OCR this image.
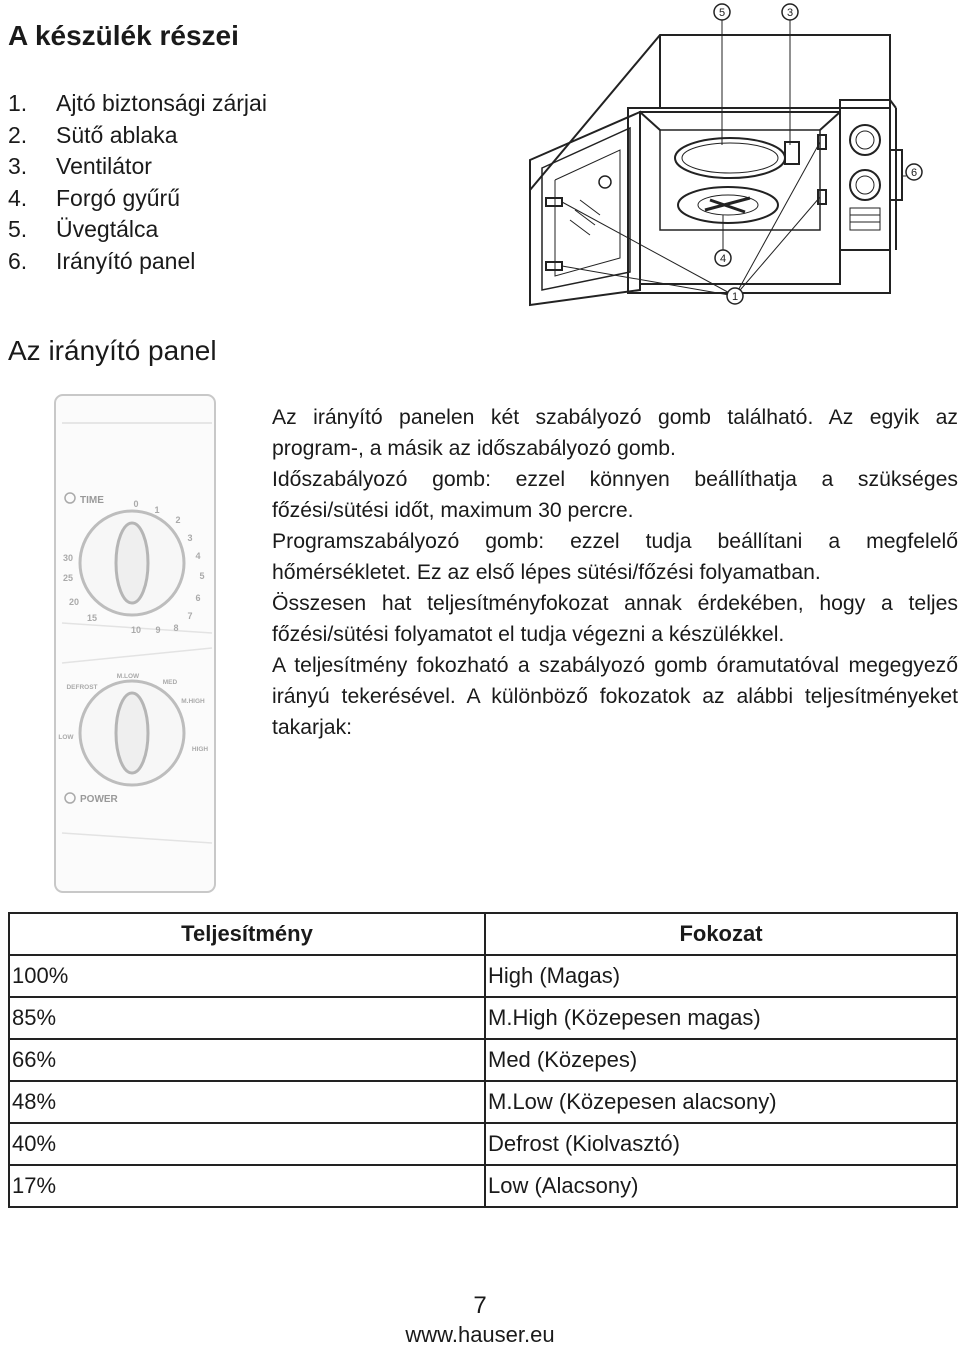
A készülék részei
1.	Ajtó biztonsági zárjai
2.	Sütő ablaka
3.	Ventilátor
4.	Forgó gyűrű
5.	Üvegtálca
6.	Irányító panel
5	3
6
4
1
Az irányító panel
TIME	0
1
2
3
4
5
6
7
8
9
10
15
20
25
30
LOW
DEFROST
M.LOW
MED
M.HIGH
HIGH
POWER

Az irányító panelen két szabályozó gomb található. Az egyik az program-, a másik az időszabályozó gomb.

Időszabályozó gomb: ezzel könnyen beállíthatja a szükséges főzési/sütési időt, maximum 30 percre.

Programszabályozó gomb: ezzel tudja beállítani a megfelelő hőmérsékletet. Ez az első lépes sütési/főzési folyamatban.

Összesen hat teljesítményfokozat annak érdekében, hogy a teljes főzési/sütési folyamatot el tudja végezni a készülékkel.

A teljesítmény fokozható a szabályozó gomb óramutatóval megegyező irányú tekerésével. A különböző fokozatok az alábbi teljesítményeket takarjak:

Teljesítmény	Fokozat
100%	High (Magas)
85%	M.High (Közepesen magas)
66%	Med (Közepes)
48%	M.Low (Közepesen alacsony)
40%	Defrost (Kiolvasztó)
17%	Low (Alacsony)
7
www.hauser.eu
